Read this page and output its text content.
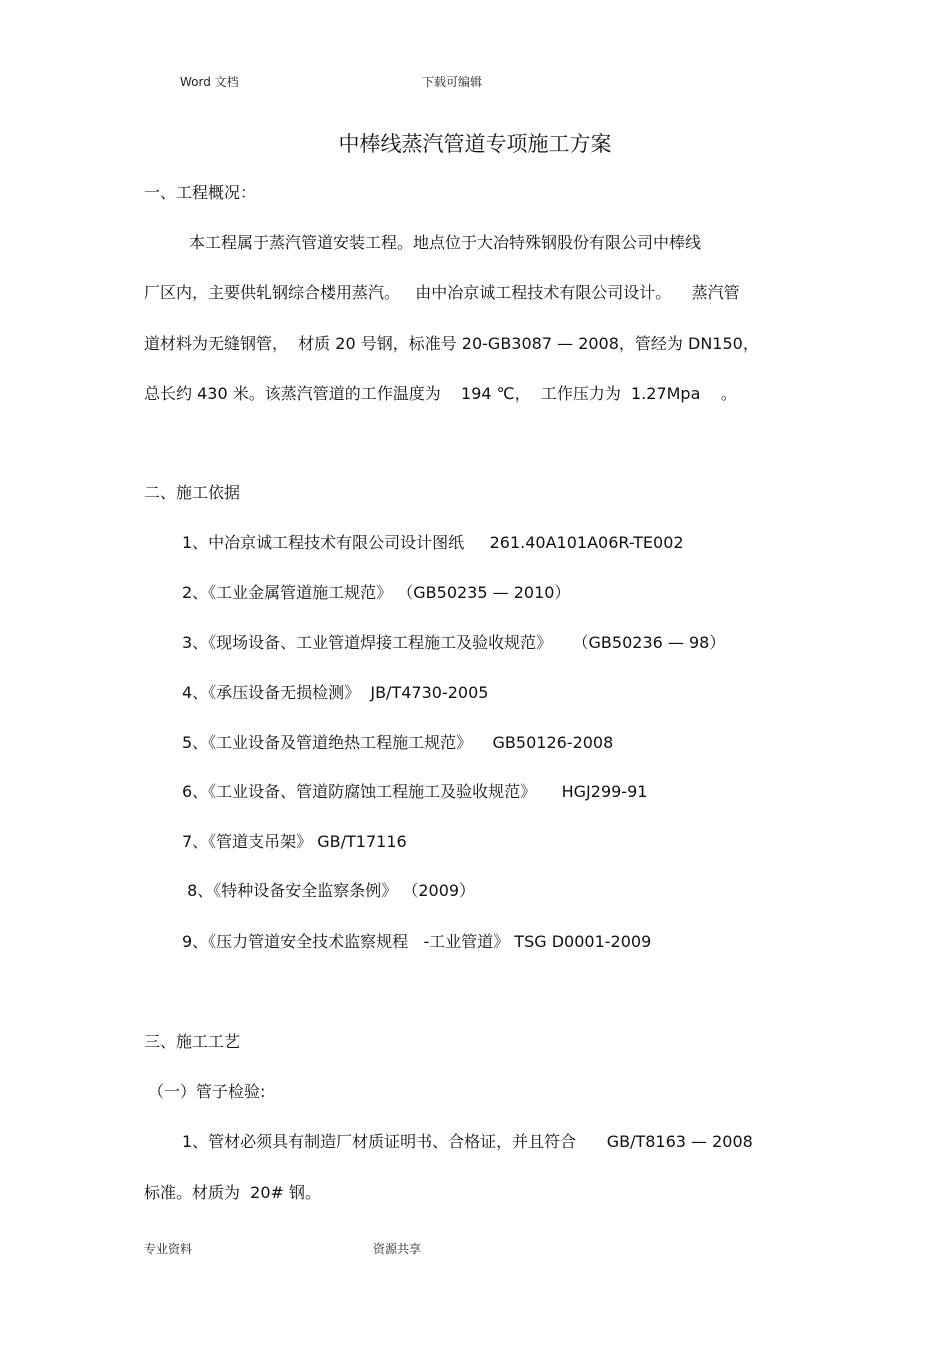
Word 文档	下载可编辑
中棒线蒸汽管道专项施工方案
一、工程概况：
本工程属于蒸汽管道安装工程。地点位于大冶特殊钢股份有限公司中棒线
厂区内，主要供轧钢综合楼用蒸汽。   由中冶京诚工程技术有限公司设计。    蒸汽管
道材料为无缝钢管，  材质 20 号钢，标准号 20-GB3087 — 2008，管经为 DN150，
总长约 430 米。该蒸汽管道的工作温度为    194 ℃，  工作压力为  1.27Mpa    。
二、施工依据
1、中冶京诚工程技术有限公司设计图纸     261.40A101A06R-TE002
2、《工业金属管道施工规范》 （GB50235 — 2010）
3、《现场设备、工业管道焊接工程施工及验收规范》    （GB50236 — 98）
4、《承压设备无损检测》  JB/T4730-2005
5、《工业设备及管道绝热工程施工规范》    GB50126-2008
6、《工业设备、管道防腐蚀工程施工及验收规范》     HGJ299-91
7、《管道支吊架》 GB/T17116
8、《特种设备安全监察条例》 （2009）
9、《压力管道安全技术监察规程   -工业管道》 TSG D0001-2009
三、施工工艺
（一）管子检验:
1、管材必须具有制造厂材质证明书、合格证，并且符合      GB/T8163 — 2008
标准。材质为  20# 钢。
专业资料	资源共享
